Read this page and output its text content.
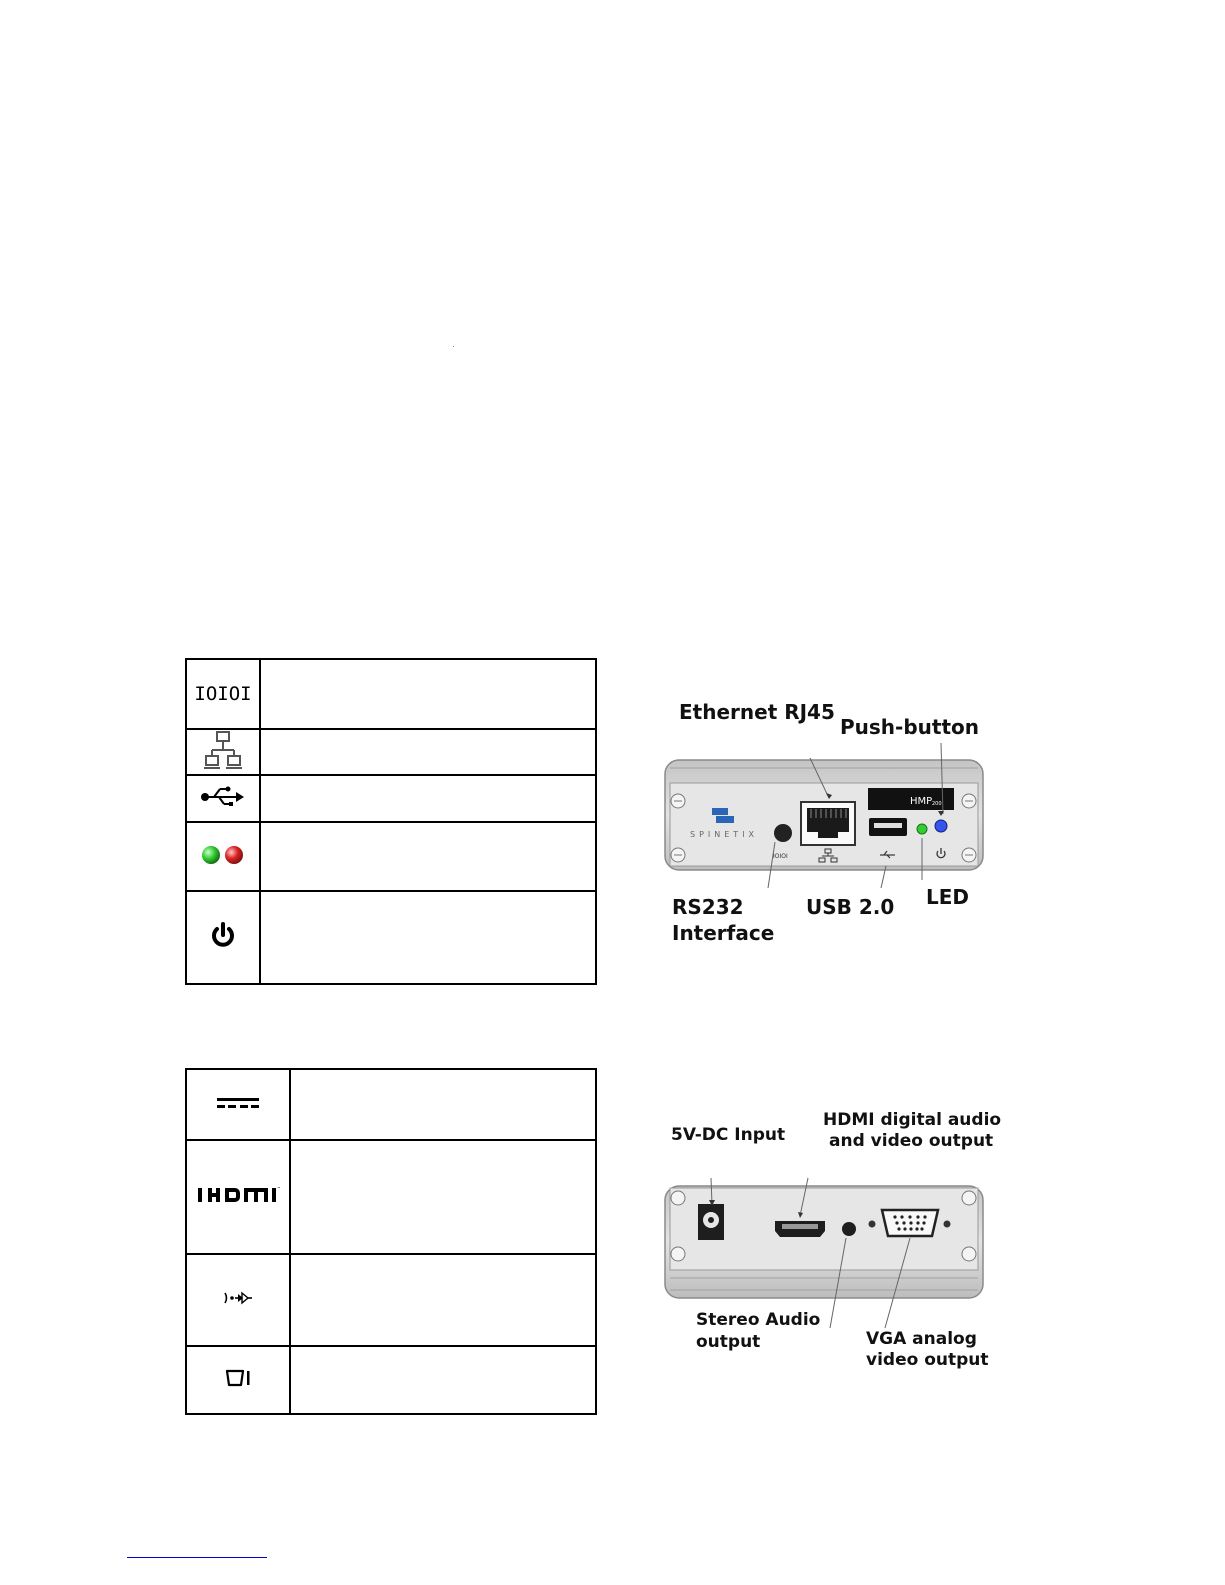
IOIOI	

™	

Ethernet RJ45
Push-button
RS232
Interface
USB 2.0 LED
SPINETIX
IOIOI
HMP 200
5V-DC Input
HDMI digital audio
and video output
Stereo Audio
output	VGA analog
video output
